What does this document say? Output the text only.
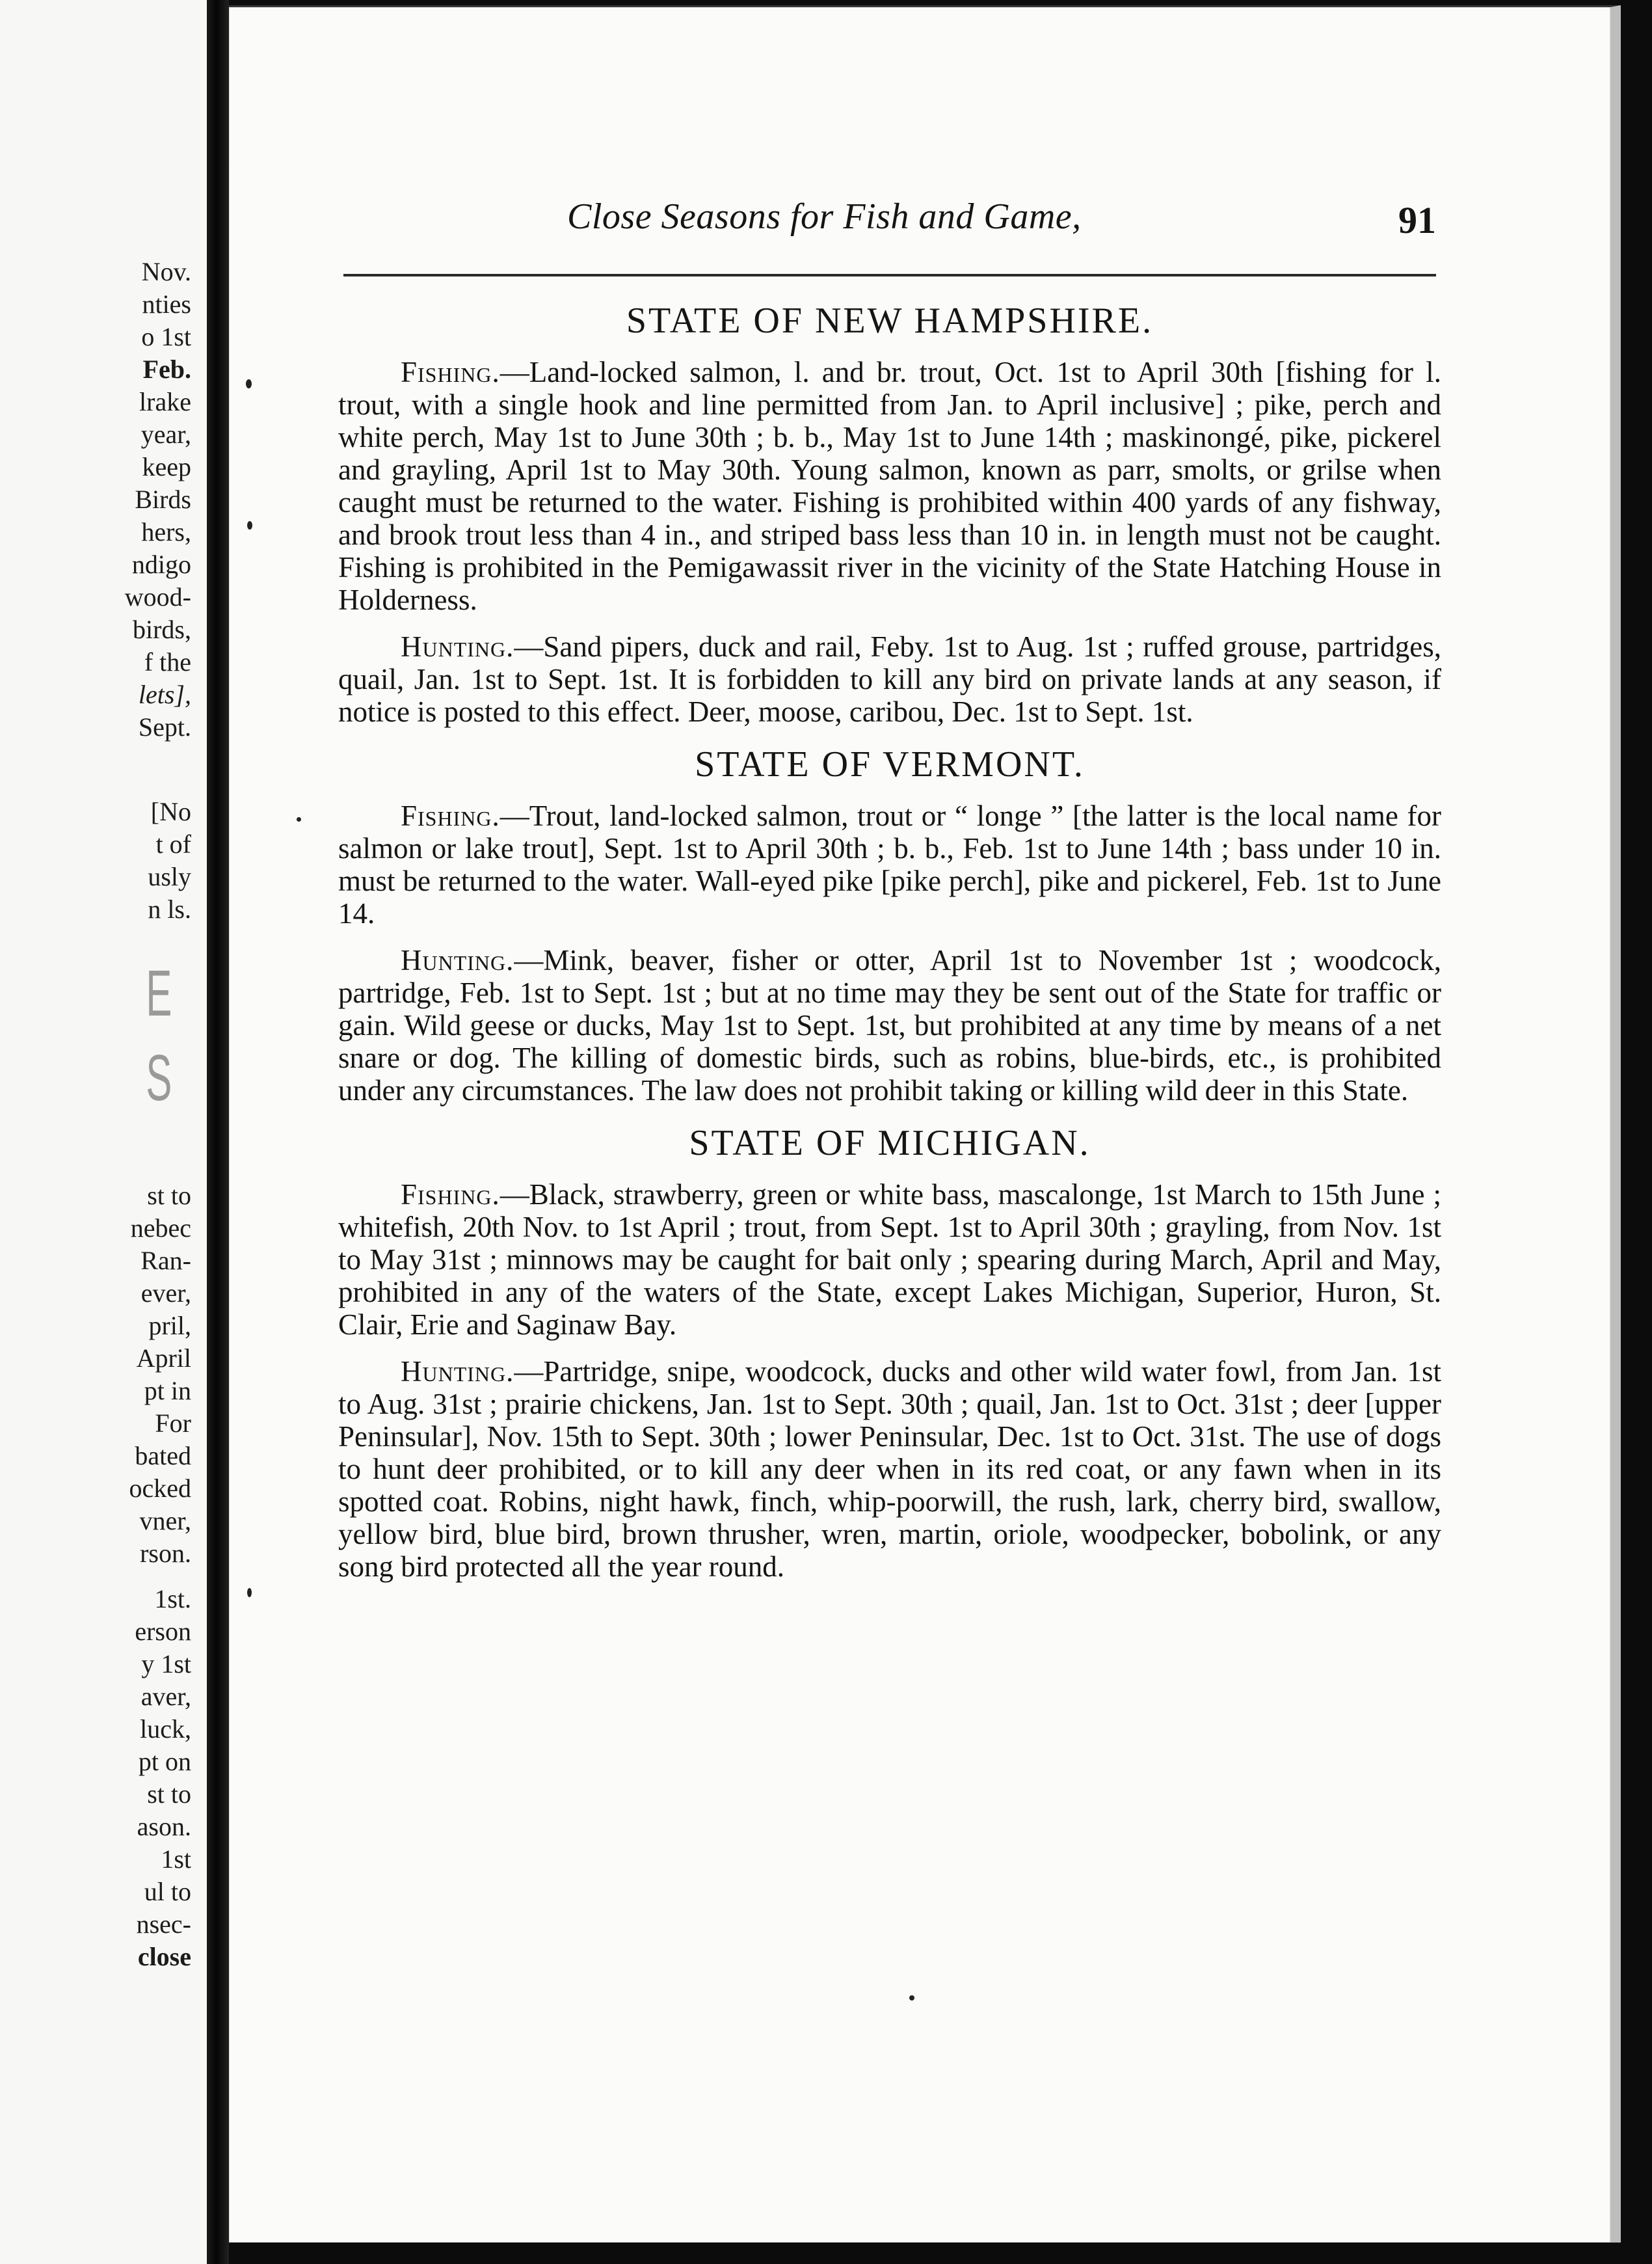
Nov.
nties
o 1st
Feb.
lrake
year,
keep
Birds
hers,
ndigo
wood-
birds,
f the
lets],
Sept.
[No
t of
usly
n ls.
E
S
st to
nebec
Ran-
ever,
pril,
April
pt in
For
bated
ocked
vner,
rson.
1st.
erson
y 1st
aver,
luck,
pt on
st to
ason.
1st
ul to
nsec-
close
Close Seasons for Fish and Game,	91
STATE OF NEW HAMPSHIRE.

Fishing.—Land-locked salmon, l. and br. trout, Oct. 1st to April 30th [fishing for l. trout, with a single hook and line permitted from Jan. to April inclusive] ; pike, perch and white perch, May 1st to June 30th ; b. b., May 1st to June 14th ; maskinongé, pike, pickerel and grayling, April 1st to May 30th. Young salmon, known as parr, smolts, or grilse when caught must be returned to the water. Fishing is prohibited within 400 yards of any fishway, and brook trout less than 4 in., and striped bass less than 10 in. in length must not be caught. Fishing is prohibited in the Pemigawassit river in the vicinity of the State Hatching House in Holderness.

Hunting.—Sand pipers, duck and rail, Feby. 1st to Aug. 1st ; ruffed grouse, partridges, quail, Jan. 1st to Sept. 1st. It is forbidden to kill any bird on private lands at any season, if notice is posted to this effect. Deer, moose, caribou, Dec. 1st to Sept. 1st.

STATE OF VERMONT.

Fishing.—Trout, land-locked salmon, trout or “ longe ” [the latter is the local name for salmon or lake trout], Sept. 1st to April 30th ; b. b., Feb. 1st to June 14th ; bass under 10 in. must be returned to the water. Wall-eyed pike [pike perch], pike and pickerel, Feb. 1st to June 14.

Hunting.—Mink, beaver, fisher or otter, April 1st to November 1st ; woodcock, partridge, Feb. 1st to Sept. 1st ; but at no time may they be sent out of the State for traffic or gain. Wild geese or ducks, May 1st to Sept. 1st, but prohibited at any time by means of a net snare or dog. The killing of domestic birds, such as robins, blue-birds, etc., is prohibited under any circumstances. The law does not prohibit taking or killing wild deer in this State.

STATE OF MICHIGAN.

Fishing.—Black, strawberry, green or white bass, mascalonge, 1st March to 15th June ; whitefish, 20th Nov. to 1st April ; trout, from Sept. 1st to April 30th ; grayling, from Nov. 1st to May 31st ; minnows may be caught for bait only ; spearing during March, April and May, prohibited in any of the waters of the State, except Lakes Michigan, Superior, Huron, St. Clair, Erie and Saginaw Bay.

Hunting.—Partridge, snipe, woodcock, ducks and other wild water fowl, from Jan. 1st to Aug. 31st ; prairie chickens, Jan. 1st to Sept. 30th ; quail, Jan. 1st to Oct. 31st ; deer [upper Peninsular], Nov. 15th to Sept. 30th ; lower Peninsular, Dec. 1st to Oct. 31st. The use of dogs to hunt deer prohibited, or to kill any deer when in its red coat, or any fawn when in its spotted coat. Robins, night hawk, finch, whip-poorwill, the rush, lark, cherry bird, swallow, yellow bird, blue bird, brown thrusher, wren, martin, oriole, woodpecker, bobolink, or any song bird protected all the year round.
